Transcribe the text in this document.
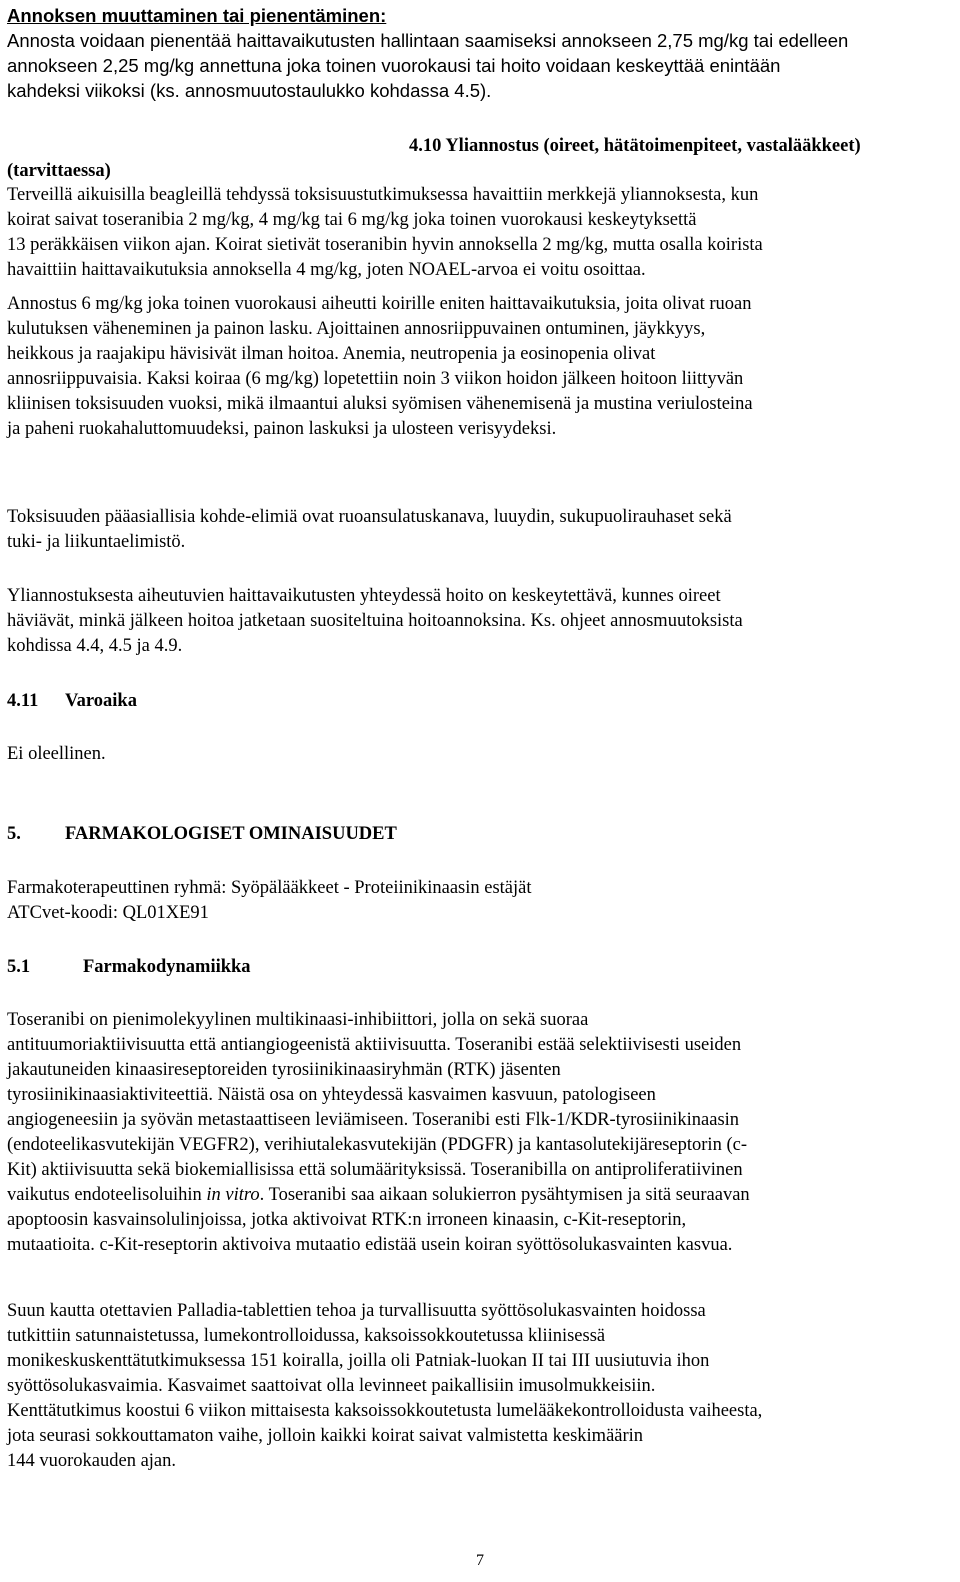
Annoksen muuttaminen tai pienentäminen:
Annosta voidaan pienentää haittavaikutusten hallintaan saamiseksi annokseen 2,75 mg/kg tai edelleen
annokseen 2,25 mg/kg annettuna joka toinen vuorokausi tai hoito voidaan keskeyttää enintään
kahdeksi viikoksi (ks. annosmuutostaulukko kohdassa 4.5).
4.10 Yliannostus (oireet, hätätoimenpiteet, vastalääkkeet) (tarvittaessa)
Terveillä aikuisilla beagleillä tehdyssä toksisuustutkimuksessa havaittiin merkkejä yliannoksesta, kun
koirat saivat toseranibia 2 mg/kg, 4 mg/kg tai 6 mg/kg joka toinen vuorokausi keskeytyksettä
13 peräkkäisen viikon ajan. Koirat sietivät toseranibin hyvin annoksella 2 mg/kg, mutta osalla koirista
havaittiin haittavaikutuksia annoksella 4 mg/kg, joten NOAEL-arvoa ei voitu osoittaa.
Annostus 6 mg/kg joka toinen vuorokausi aiheutti koirille eniten haittavaikutuksia, joita olivat ruoan
kulutuksen väheneminen ja painon lasku. Ajoittainen annosriippuvainen ontuminen, jäykkyys,
heikkous ja raajakipu hävisivät ilman hoitoa. Anemia, neutropenia ja eosinopenia olivat
annosriippuvaisia. Kaksi koiraa (6 mg/kg) lopetettiin noin 3 viikon hoidon jälkeen hoitoon liittyvän
kliinisen toksisuuden vuoksi, mikä ilmaantui aluksi syömisen vähenemisenä ja mustina veriulosteina
ja paheni ruokahaluttomuudeksi, painon laskuksi ja ulosteen verisyydeksi.
Toksisuuden pääasiallisia kohde-elimiä ovat ruoansulatuskanava, luuydin, sukupuolirauhaset sekä
tuki- ja liikuntaelimistö.
Yliannostuksesta aiheutuvien haittavaikutusten yhteydessä hoito on keskeytettävä, kunnes oireet
häviävät, minkä jälkeen hoitoa jatketaan suositeltuina hoitoannoksina. Ks. ohjeet annosmuutoksista
kohdissa 4.4, 4.5 ja 4.9.
4.11 Varoaika
Ei oleellinen.
5. FARMAKOLOGISET OMINAISUUDET
Farmakoterapeuttinen ryhmä: Syöpälääkkeet - Proteiinikinaasin estäjät
ATCvet-koodi: QL01XE91
5.1	Farmakodynamiikka
Toseranibi on pienimolekyylinen multikinaasi-inhibiittori, jolla on sekä suoraa
antituumoriaktiivisuutta että antiangiogeenistä aktiivisuutta. Toseranibi estää selektiivisesti useiden
jakautuneiden kinaasireseptoreiden tyrosiinikinaasiryhmän (RTK) jäsenten
tyrosiinikinaasiaktiviteettiä. Näistä osa on yhteydessä kasvaimen kasvuun, patologiseen
angiogeneesiin ja syövän metastaattiseen leviämiseen. Toseranibi esti Flk-1/KDR-tyrosiinikinaasin
(endoteelikasvutekijän VEGFR2), verihiutalekasvutekijän (PDGFR) ja kantasolutekijäreseptorin (c-
Kit) aktiivisuutta sekä biokemiallisissa että solumäärityksissä. Toseranibilla on antiproliferatiivinen
vaikutus endoteelisoluihin in vitro. Toseranibi saa aikaan solukierron pysähtymisen ja sitä seuraavan
apoptoosin kasvainsolulinjoissa, jotka aktivoivat RTK:n irroneen kinaasin, c-Kit-reseptorin,
mutaatioita. c-Kit-reseptorin aktivoiva mutaatio edistää usein koiran syöttösolukasvainten kasvua.
Suun kautta otettavien Palladia-tablettien tehoa ja turvallisuutta syöttösolukasvainten hoidossa
tutkittiin satunnaistetussa, lumekontrolloidussa, kaksoissokkoutetussa kliinisessä
monikeskuskenttätutkimuksessa 151 koiralla, joilla oli Patniak-luokan II tai III uusiutuvia ihon
syöttösolukasvaimia. Kasvaimet saattoivat olla levinneet paikallisiin imusolmukkeisiin.
Kenttätutkimus koostui 6 viikon mittaisesta kaksoissokkoutetusta lumelääkekontrolloidusta vaiheesta,
jota seurasi sokkouttamaton vaihe, jolloin kaikki koirat saivat valmistetta keskimäärin
144 vuorokauden ajan.
7
